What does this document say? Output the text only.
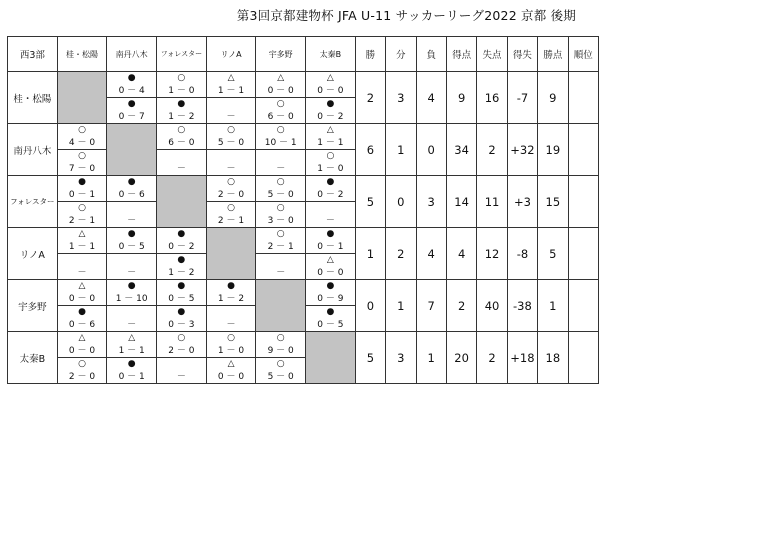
第3回京都建物杯 JFA U-11 サッカーリーグ2022 京都 後期
西3部	桂・松陽	南丹八木	フォレスター	リノA	宇多野	太秦B	勝	分	負	得点	失点	得失	勝点	順位
桂・松陽		●	○	△	△	△	2	3	4	9	16	-7	9	
		0 － 4	1 － 0	1 － 1	0 － 0	0 － 0								
		●	●		○	●								
		0 － 7	1 － 2	－	6 － 0	0 － 2								
南丹八木	○		○	○	○	△	6	1	0	34	2	+32	19	
	4 － 0		6 － 0	5 － 0	10 － 1	1 － 1								
	○					○								
	7 － 0		－	－	－	1 － 0								
フォレスター	●	●		○	○	●	5	0	3	14	11	+3	15	
	0 － 1	0 － 6		2 － 0	5 － 0	0 － 2								
	○			○	○									
	2 － 1	－		2 － 1	3 － 0	－								
リノA	△	●	●		○	●	1	2	4	4	12	-8	5	
	1 － 1	0 － 5	0 － 2		2 － 1	0 － 1								
			●			△								
	－	－	1 － 2		－	0 － 0								
宇多野	△	●	●	●		●	0	1	7	2	40	-38	1	
	0 － 0	1 － 10	0 － 5	1 － 2		0 － 9								
	●		●			●								
	0 － 6	－	0 － 3	－		0 － 5								
太秦B	△	△	○	○	○		5	3	1	20	2	+18	18	
	0 － 0	1 － 1	2 － 0	1 － 0	9 － 0									
	○	●		△	○									
	2 － 0	0 － 1	－	0 － 0	5 － 0									
